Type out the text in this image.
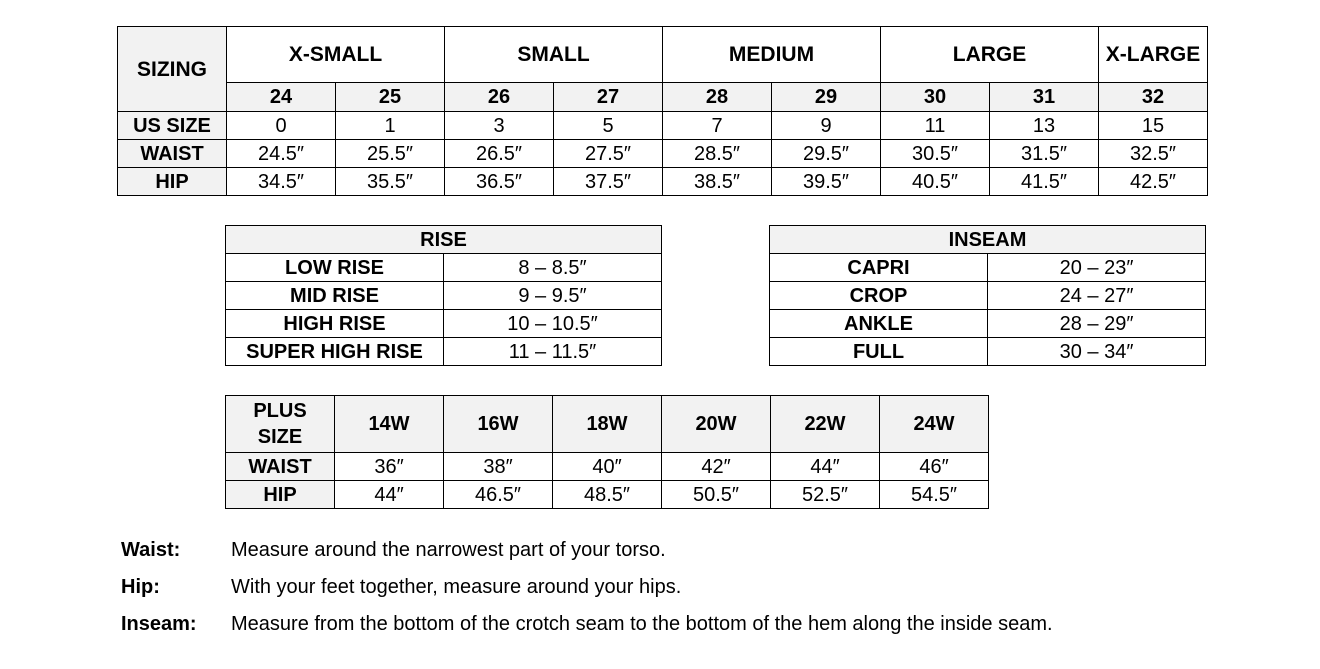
SIZING	X-SMALL		SMALL		MEDIUM		LARGE		X-LARGE
	24	25	26	27	28	29	30	31	32
US SIZE	0	1	3	5	7	9	11	13	15
WAIST	24.5″	25.5″	26.5″	27.5″	28.5″	29.5″	30.5″	31.5″	32.5″
HIP	34.5″	35.5″	36.5″	37.5″	38.5″	39.5″	40.5″	41.5″	42.5″
RISE	
LOW RISE	8 – 8.5″
MID RISE	9 – 9.5″
HIGH RISE	10 – 10.5″
SUPER HIGH RISE	11 – 11.5″
INSEAM	
CAPRI	20 – 23″
CROP	24 – 27″
ANKLE	28 – 29″
FULL	30 – 34″
PLUS
SIZE	14W	16W	18W	20W	22W	24W
WAIST	36″	38″	40″	42″	44″	46″
HIP	44″	46.5″	48.5″	50.5″	52.5″	54.5″
Waist:	Measure around the narrowest part of your torso.
Hip:	With your feet together, measure around your hips.
Inseam:	Measure from the bottom of the crotch seam to the bottom of the hem along the inside seam.
